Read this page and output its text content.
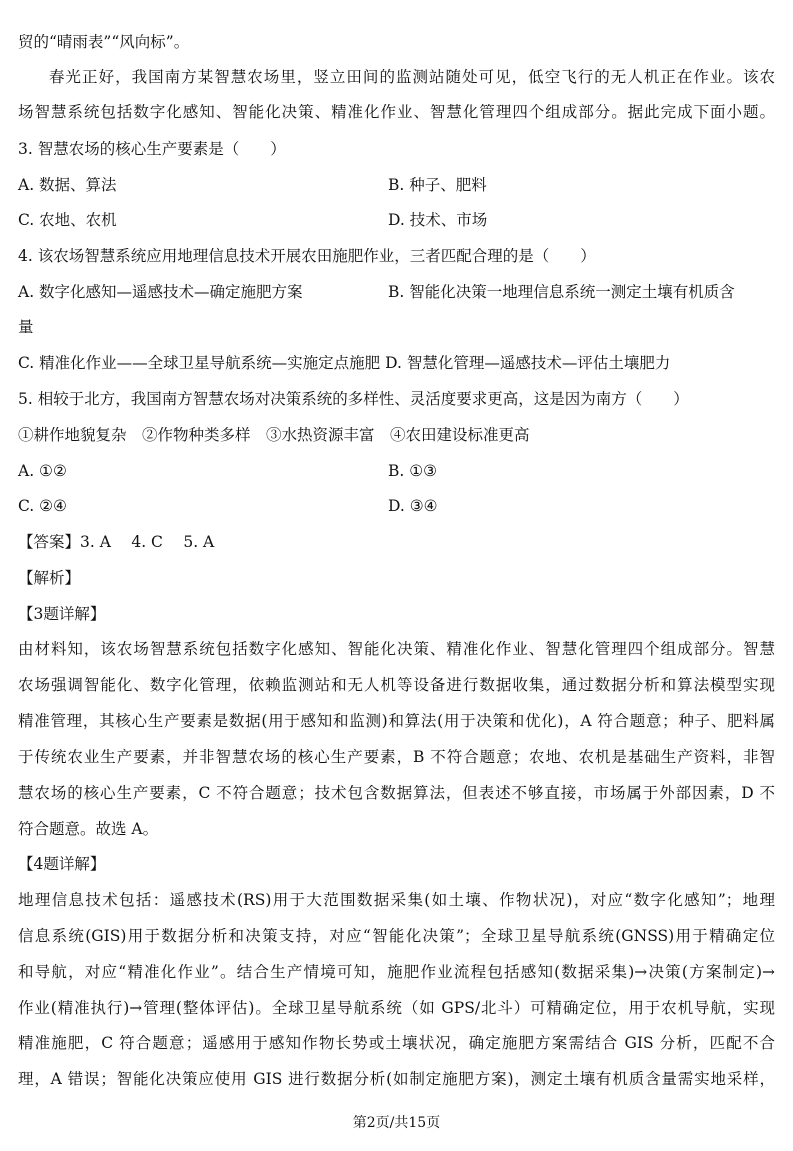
贸的“晴雨表”“风向标”。
春光正好，我国南方某智慧农场里，竖立田间的监测站随处可见，低空飞行的无人机正在作业。该农
场智慧系统包括数字化感知、智能化决策、精准化作业、智慧化管理四个组成部分。据此完成下面小题。
3. 智慧农场的核心生产要素是（　　）
A. 数据、算法	B. 种子、肥料
C. 农地、农机	D. 技术、市场
4. 该农场智慧系统应用地理信息技术开展农田施肥作业，三者匹配合理的是（　　）
A. 数字化感知—遥感技术—确定施肥方案	B. 智能化决策一地理信息系统一测定土壤有机质含
量
C. 精准化作业——全球卫星导航系统—实施定点施肥 D. 智慧化管理—遥感技术—评估土壤肥力
5. 相较于北方，我国南方智慧农场对决策系统的多样性、灵活度要求更高，这是因为南方（　　）
①耕作地貌复杂　②作物种类多样　③水热资源丰富　④农田建设标准更高
A. ①②	B. ①③
C. ②④	D. ③④
【答案】3. A　 4. C　 5. A
【解析】
【3题详解】
由材料知，该农场智慧系统包括数字化感知、智能化决策、精准化作业、智慧化管理四个组成部分。智慧
农场强调智能化、数字化管理，依赖监测站和无人机等设备进行数据收集，通过数据分析和算法模型实现
精准管理，其核心生产要素是数据(用于感知和监测)和算法(用于决策和优化)，A 符合题意；种子、肥料属
于传统农业生产要素，并非智慧农场的核心生产要素，B 不符合题意；农地、农机是基础生产资料，非智
慧农场的核心生产要素，C 不符合题意；技术包含数据算法，但表述不够直接，市场属于外部因素，D 不
符合题意。故选 A。
【4题详解】
地理信息技术包括：遥感技术(RS)用于大范围数据采集(如土壤、作物状况)，对应“数字化感知”；地理
信息系统(GIS)用于数据分析和决策支持，对应“智能化决策”；全球卫星导航系统(GNSS)用于精确定位
和导航，对应“精准化作业”。结合生产情境可知，施肥作业流程包括感知(数据采集)→决策(方案制定)→
作业(精准执行)→管理(整体评估)。全球卫星导航系统（如 GPS/北斗）可精确定位，用于农机导航，实现
精准施肥，C 符合题意；遥感用于感知作物长势或土壤状况，确定施肥方案需结合 GIS 分析，匹配不合
理，A 错误；智能化决策应使用 GIS 进行数据分析(如制定施肥方案)，测定土壤有机质含量需实地采样，
第2页/共15页
